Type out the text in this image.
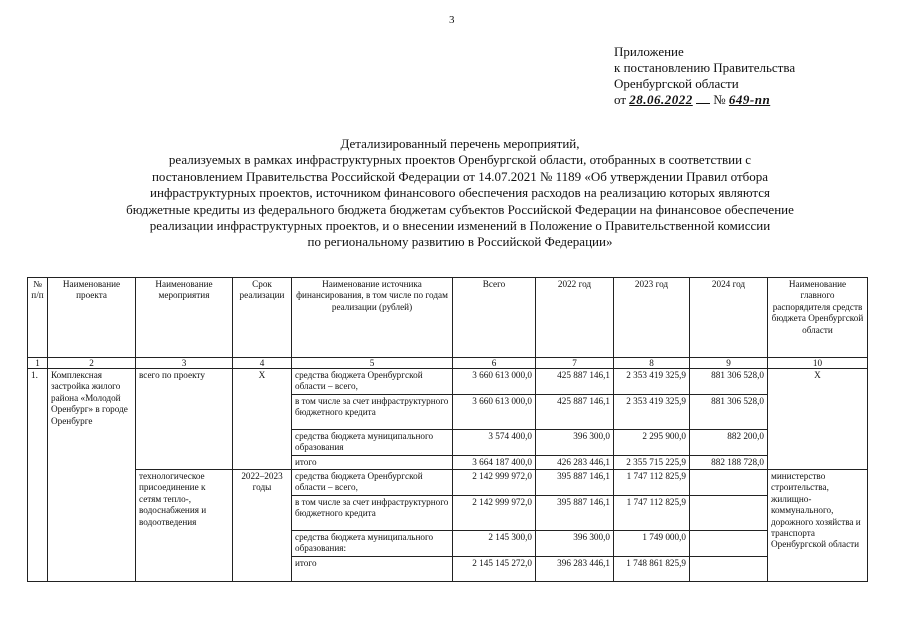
3
Приложение
к постановлению Правительства
Оренбургской области
от 28.06.2022 № 649-пп
Детализированный перечень мероприятий,
реализуемых в рамках инфраструктурных проектов Оренбургской области, отобранных в соответствии с
постановлением Правительства Российской Федерации от 14.07.2021 № 1189 «Об утверждении Правил отбора
инфраструктурных проектов, источником финансового обеспечения расходов на реализацию которых являются
бюджетные кредиты из федерального бюджета бюджетам субъектов Российской Федерации на финансовое обеспечение
реализации инфраструктурных проектов, и о внесении изменений в Положение о Правительственной комиссии
по региональному развитию в Российской Федерации»
№ п/п	Наименование проекта	Наименование мероприятия	Срок реализации	Наименование источника финансирования, в том числе по годам реализации (рублей)	Всего	2022 год	2023 год	2024 год	Наименование главного распорядителя средств бюджета Оренбургской области
1	2	3	4	5	6	7	8	9	10
1.	Комплексная застройка жилого района «Молодой Оренбург» в городе Оренбурге	всего по проекту	Х	средства бюджета Оренбургской области – всего,	3 660 613 000,0	425 887 146,1	2 353 419 325,9	881 306 528,0	Х
				в том числе за счет инфраструктурного бюджетного кредита	3 660 613 000,0	425 887 146,1	2 353 419 325,9	881 306 528,0	
				средства бюджета муниципального образования	3 574 400,0	396 300,0	2 295 900,0	882 200,0	
				итого	3 664 187 400,0	426 283 446,1	2 355 715 225,9	882 188 728,0	
		технологическое присоединение к сетям тепло-, водоснабжения и водоотведения	2022–2023 годы	средства бюджета Оренбургской области – всего,	2 142 999 972,0	395 887 146,1	1 747 112 825,9		министерство строительства, жилищно-коммунального, дорожного хозяйства и транспорта Оренбургской области
				в том числе за счет инфраструктурного бюджетного кредита	2 142 999 972,0	395 887 146,1	1 747 112 825,9		
				средства бюджета муниципального образования:	2 145 300,0	396 300,0	1 749 000,0		
				итого	2 145 145 272,0	396 283 446,1	1 748 861 825,9		
